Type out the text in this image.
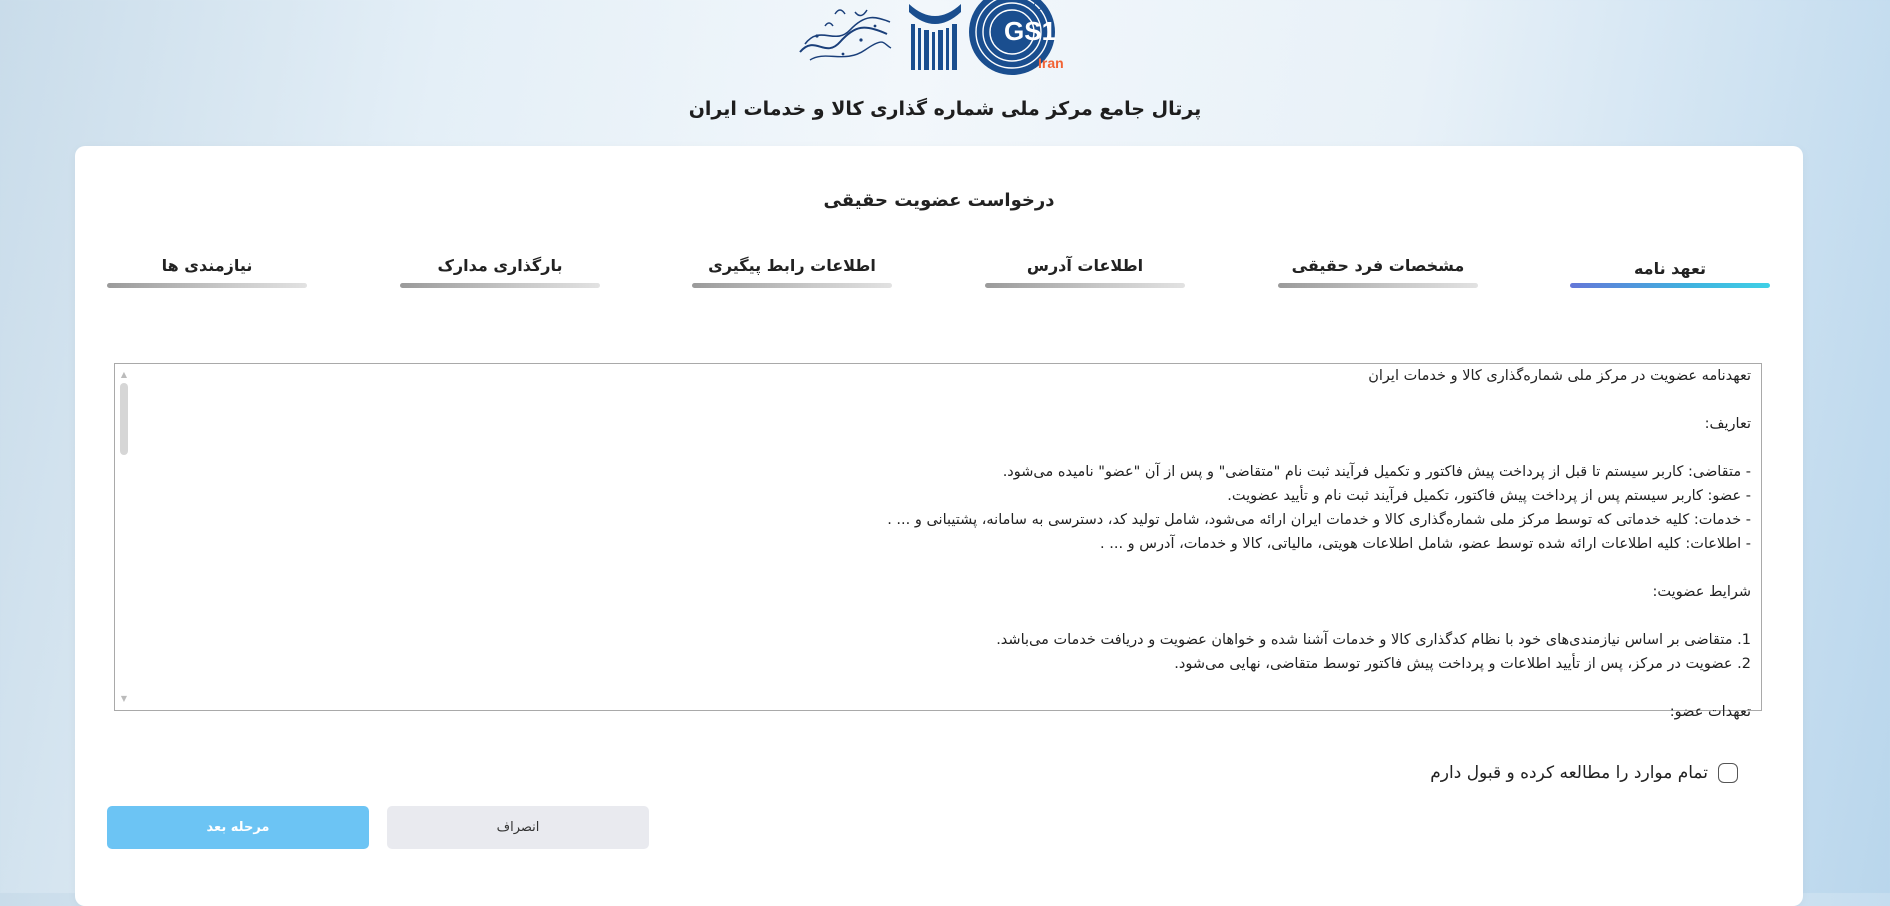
GS1
Iran
پرتال جامع مرکز ملی شماره گذاری کالا و خدمات ایران
درخواست عضویت حقیقی
تعهد نامه
مشخصات فرد حقیقی
اطلاعات آدرس
اطلاعات رابط پیگیری
بارگذاری مدارک
نیازمندی ها
تعهدنامه عضویت در مرکز ملی شماره‌گذاری کالا و خدمات ایران
تعاریف:
- متقاضی: کاربر سیستم تا قبل از پرداخت پیش فاکتور و تکمیل فرآیند ثبت نام "متقاضی" و پس از آن "عضو" نامیده می‌شود.
- عضو: کاربر سیستم پس از پرداخت پیش فاکتور، تکمیل فرآیند ثبت نام و تأیید عضویت.
- خدمات: کلیه خدماتی که توسط مرکز ملی شماره‌گذاری کالا و خدمات ایران ارائه می‌شود، شامل تولید کد، دسترسی به سامانه، پشتیبانی و ... .
- اطلاعات: کلیه اطلاعات ارائه شده توسط عضو، شامل اطلاعات هویتی، مالیاتی، کالا و خدمات، آدرس و ... .
شرایط عضویت:
1. متقاضی بر اساس نیازمندی‌های خود با نظام کدگذاری کالا و خدمات آشنا شده و خواهان عضویت و دریافت خدمات می‌باشد.
2. عضویت در مرکز، پس از تأیید اطلاعات و پرداخت پیش فاکتور توسط متقاضی، نهایی می‌شود.
تعهدات عضو:
▲
▼
تمام موارد را مطالعه کرده و قبول دارم
انصراف
مرحله بعد
